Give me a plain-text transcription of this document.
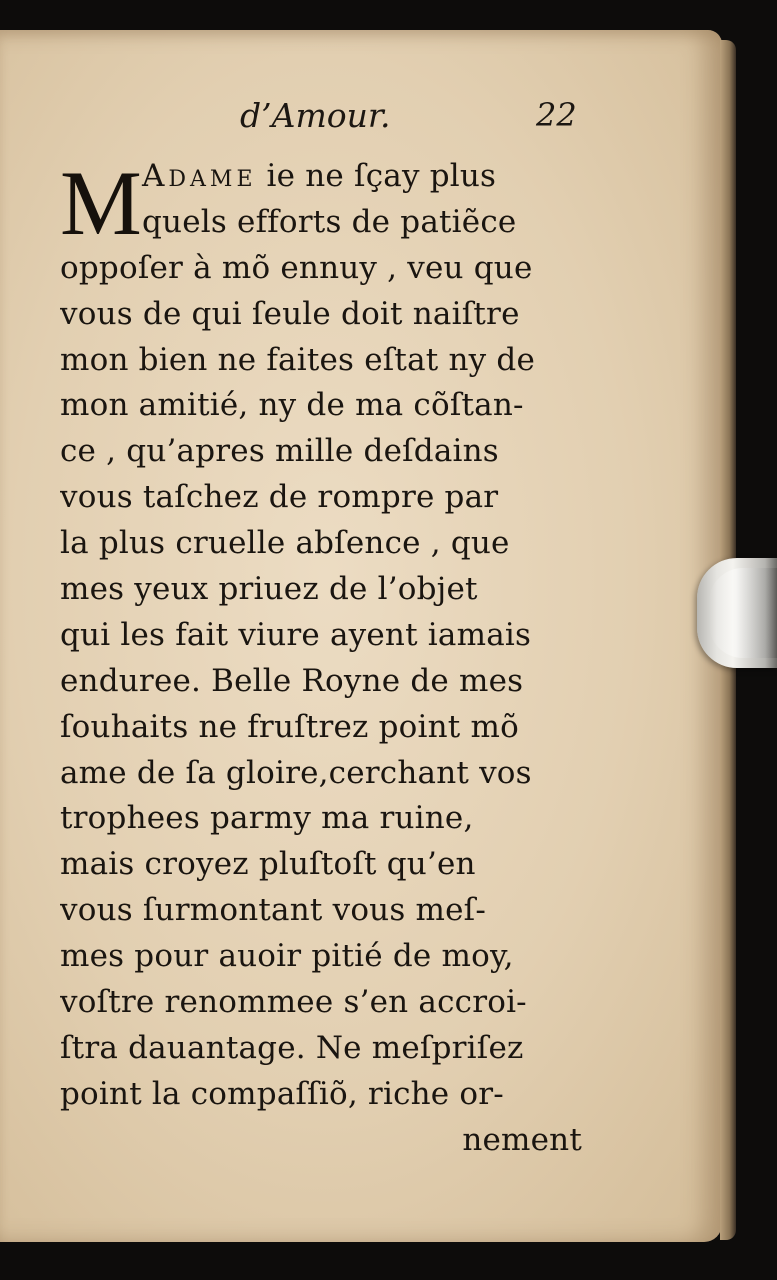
d’Amour.	22
M Adame ie ne ſçay plus
quels efforts de patiẽce
oppoſer à mõ ennuy , veu que
vous de qui ſeule doit naiſtre
mon bien ne faites eſtat ny de
mon amitié, ny de ma cõſtan-
ce , qu’apres mille deſdains
vous taſchez de rompre par
la plus cruelle abſence , que
mes yeux priuez de l’objet
qui les fait viure ayent iamais
enduree. Belle Royne de mes
ſouhaits ne fruſtrez point mõ
ame de ſa gloire,cerchant vos
trophees parmy ma ruine,
mais croyez pluſtoſt qu’en
vous ſurmontant vous meſ-
mes pour auoir pitié de moy,
voſtre renommee s’en accroi-
ſtra dauantage. Ne meſpriſez
point la compaſſiõ, riche or-
nement
